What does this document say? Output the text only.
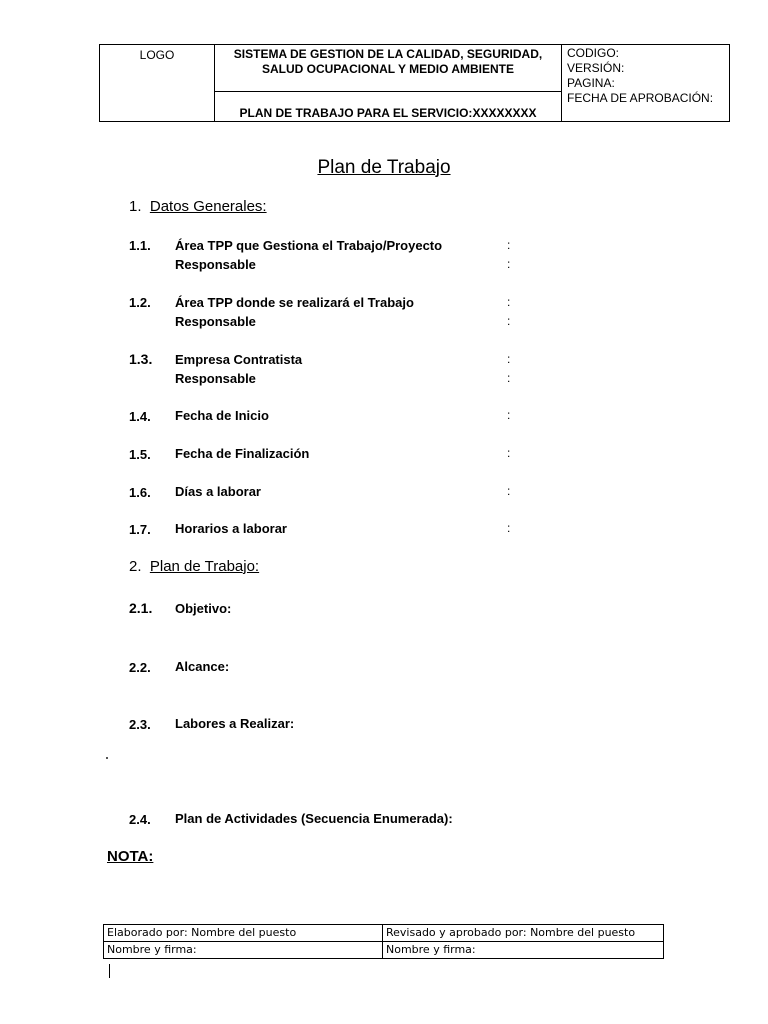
LOGO	SISTEMA DE GESTION DE LA CALIDAD, SEGURIDAD,
SALUD OCUPACIONAL Y MEDIO AMBIENTE

CODIGO:
VERSIÓN:
PAGINA:
FECHA DE APROBACIÓN:

PLAN DE TRABAJO PARA EL SERVICIO:XXXXXXXX
Plan de Trabajo
1. Datos Generales:
1.1. Área TPP que Gestiona el Trabajo/Proyecto
Responsable
:
:
1.2. Área TPP donde se realizará el Trabajo
Responsable
:
:
1.3. Empresa Contratista
Responsable
:
:
1.4. Fecha de Inicio	:
1.5. Fecha de Finalización	:
1.6. Días a laborar	:
1.7. Horarios a laborar	:
2. Plan de Trabajo:
2.1. Objetivo:
2.2. Alcance:
2.3. Labores a Realizar:
2.4. Plan de Actividades (Secuencia Enumerada):
NOTA:
Elaborado por: Nombre del puesto	Revisado y aprobado por: Nombre del puesto
Nombre y firma:	Nombre y firma:
